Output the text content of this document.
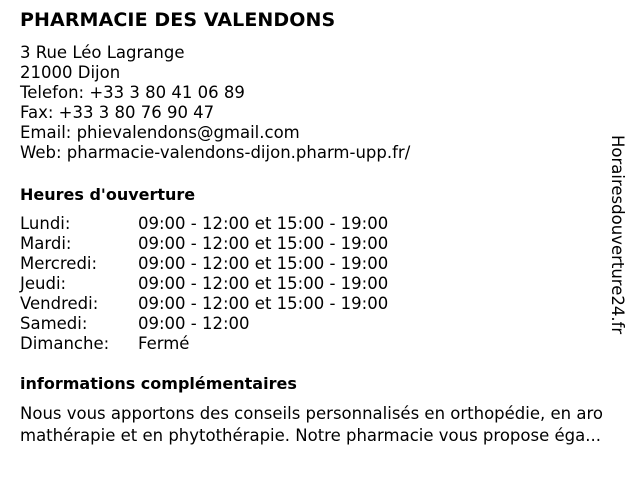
PHARMACIE DES VALENDONS
3 Rue Léo Lagrange
21000 Dijon
Telefon: +33 3 80 41 06 89
Fax: +33 3 80 76 90 47
Email: phievalendons@gmail.com
Web: pharmacie-valendons-dijon.pharm-upp.fr/
Heures d'ouverture
Lundi:	09:00 - 12:00 et 15:00 - 19:00
Mardi:	09:00 - 12:00 et 15:00 - 19:00
Mercredi:	09:00 - 12:00 et 15:00 - 19:00
Jeudi:	09:00 - 12:00 et 15:00 - 19:00
Vendredi:	09:00 - 12:00 et 15:00 - 19:00
Samedi:	09:00 - 12:00
Dimanche:	Fermé
informations complémentaires
Nous vous apportons des conseils personnalisés en orthopédie, en aro
mathérapie et en phytothérapie. Notre pharmacie vous propose éga...
Horairesdouverture24.fr
